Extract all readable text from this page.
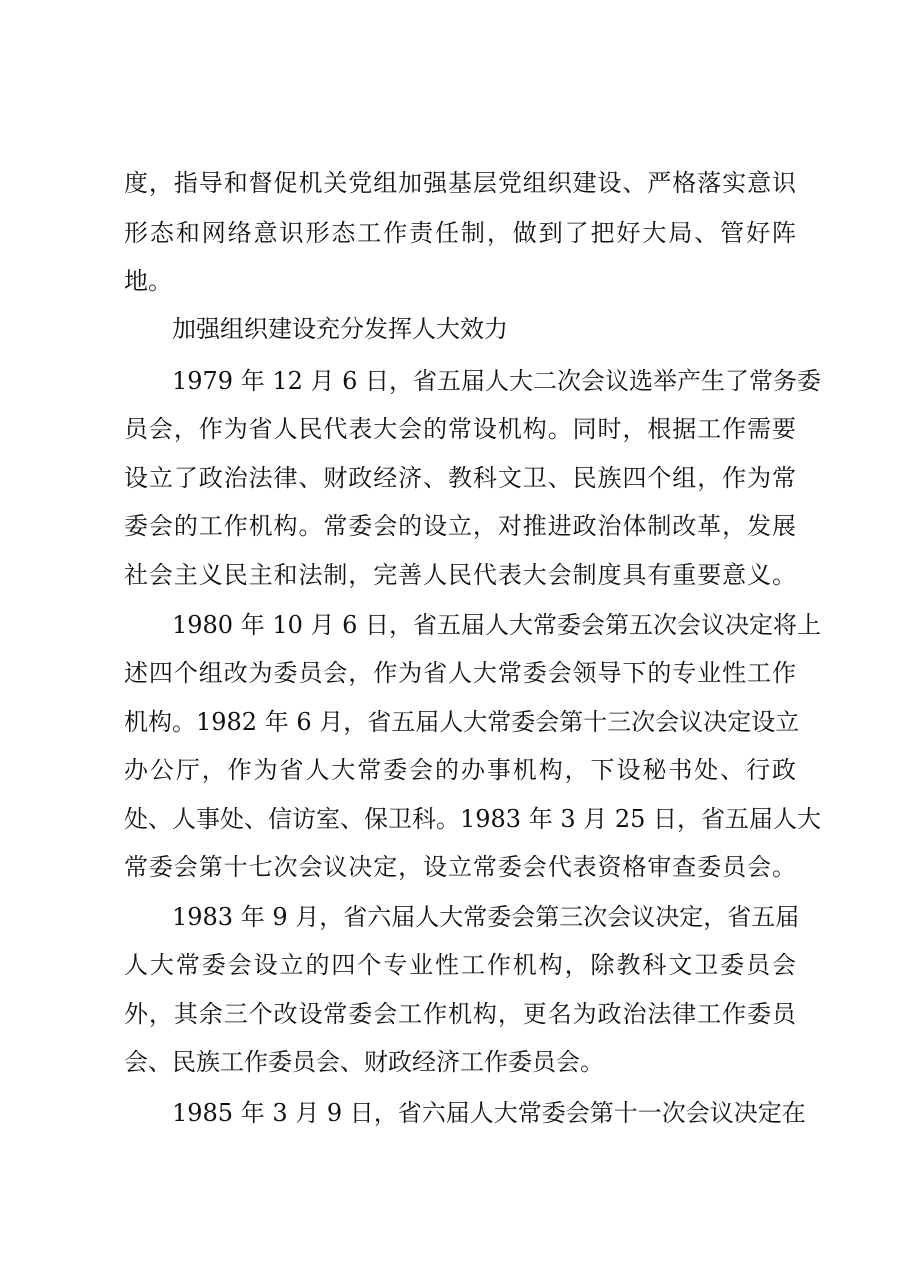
度，指导和督促机关党组加强基层党组织建设、严格落实意识
形态和网络意识形态工作责任制，做到了把好大局、管好阵
地。
加强组织建设充分发挥人大效力
1979 年 12 月 6 日，省五届人大二次会议选举产生了常务委
员会，作为省人民代表大会的常设机构。同时，根据工作需要
设立了政治法律、财政经济、教科文卫、民族四个组，作为常
委会的工作机构。常委会的设立，对推进政治体制改革，发展
社会主义民主和法制，完善人民代表大会制度具有重要意义。
1980 年 10 月 6 日，省五届人大常委会第五次会议决定将上
述四个组改为委员会，作为省人大常委会领导下的专业性工作
机构。1982 年 6 月，省五届人大常委会第十三次会议决定设立
办公厅，作为省人大常委会的办事机构，下设秘书处、行政
处、人事处、信访室、保卫科。1983 年 3 月 25 日，省五届人大
常委会第十七次会议决定，设立常委会代表资格审查委员会。
1983 年 9 月，省六届人大常委会第三次会议决定，省五届
人大常委会设立的四个专业性工作机构，除教科文卫委员会
外，其余三个改设常委会工作机构，更名为政治法律工作委员
会、民族工作委员会、财政经济工作委员会。
1985 年 3 月 9 日，省六届人大常委会第十一次会议决定在
